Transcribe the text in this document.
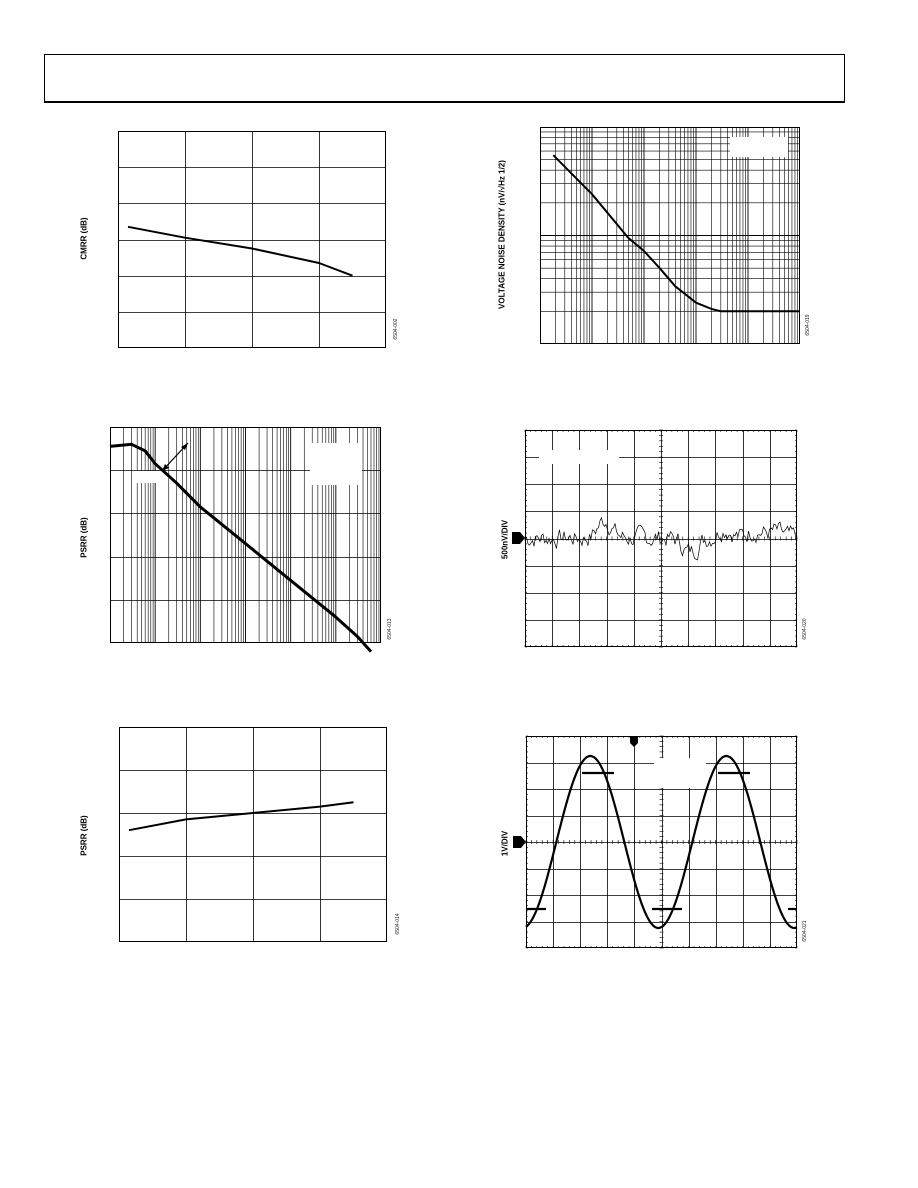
CMRR (dB)
6504-002
VOLTAGE NOISE DENSITY (nV/√Hz 1/2)
6504-019
PSRR (dB)
6504-013
500nV/DIV
6504-020
PSRR (dB)
6504-014
1V/DIV
6504-021
